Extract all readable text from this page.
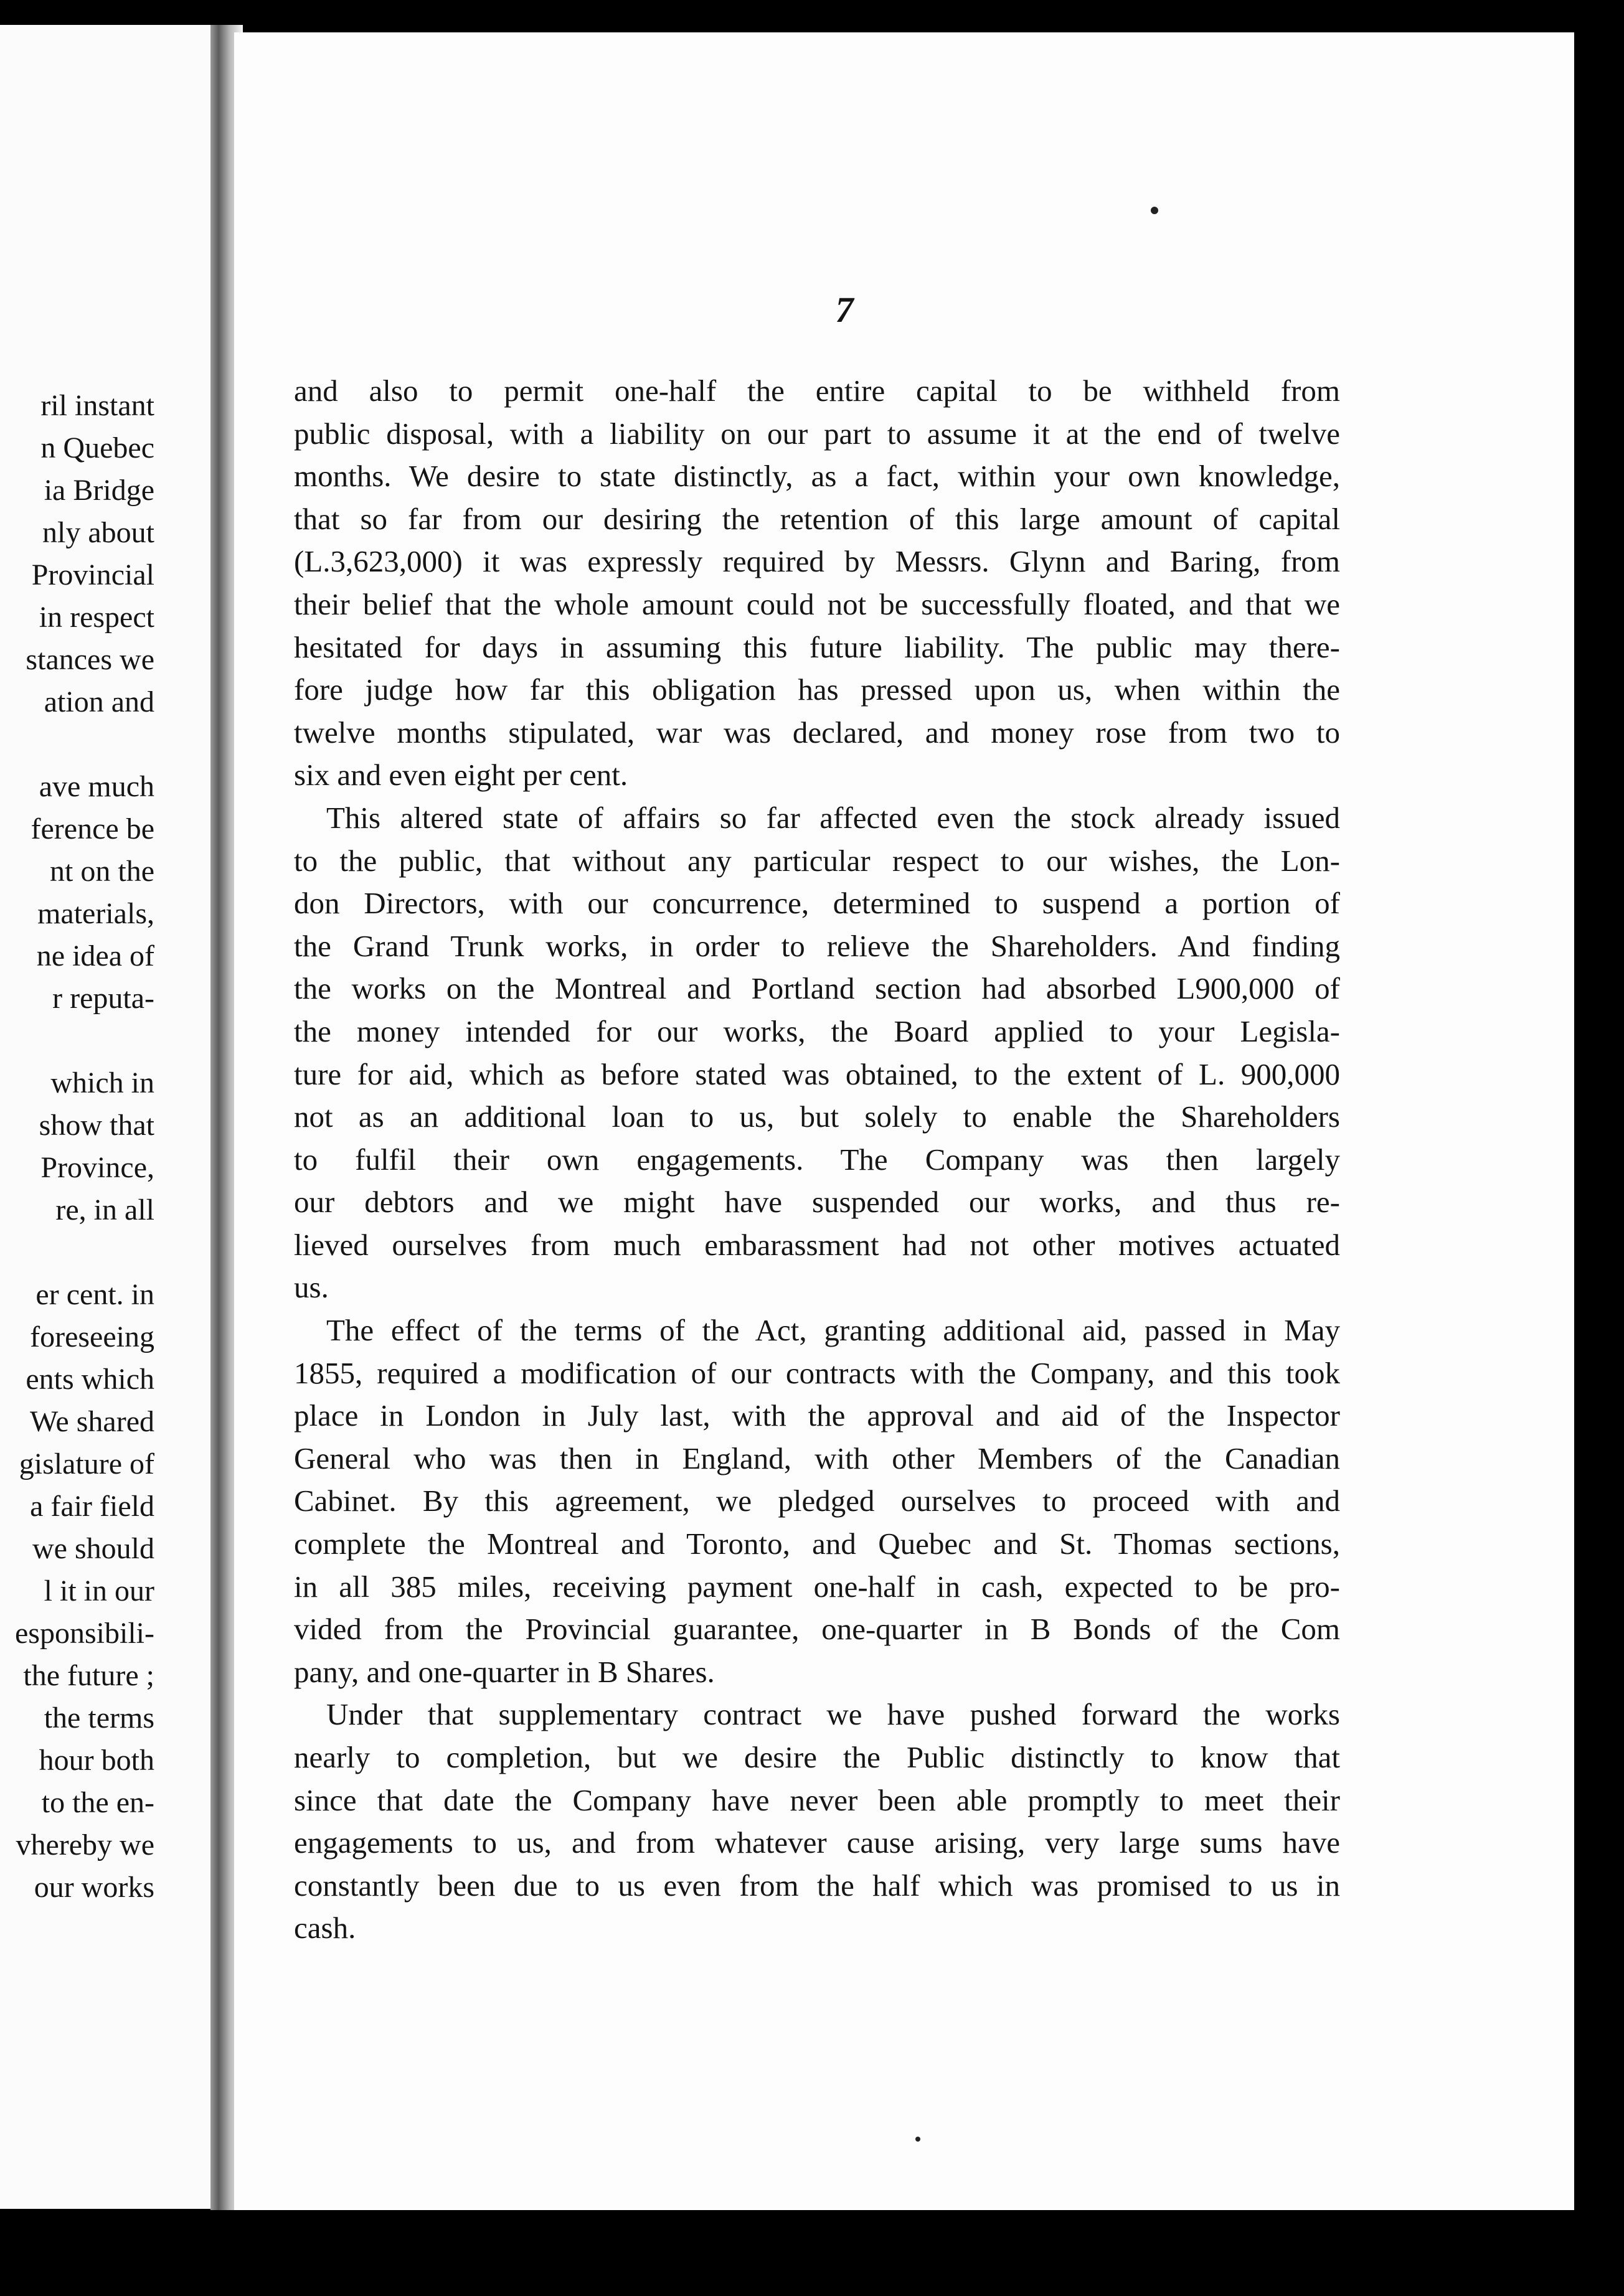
ril instant
n Quebec
ia Bridge
nly about
Provincial
in respect
stances we
ation and
ave much
ference be
nt on the
materials,
ne idea of
r reputa-
which in
show that
Province,
re, in all
er cent. in
foreseeing
ents which
We shared
gislature of
a fair field
we should
l it in our
esponsibili-
the future ;
the terms
hour both
to the en-
vhereby we
our works
7
and also to permit one-half the entire capital to be withheld from
public disposal, with a liability on our part to assume it at the end of twelve
months. We desire to state distinctly, as a fact, within your own knowledge,
that so far from our desiring the retention of this large amount of capital
(L.3,623,000) it was expressly required by Messrs. Glynn and Baring, from
their belief that the whole amount could not be successfully floated, and that we
hesitated for days in assuming this future liability. The public may there-
fore judge how far this obligation has pressed upon us, when within the
twelve months stipulated, war was declared, and money rose from two to
six and even eight per cent.
This altered state of affairs so far affected even the stock already issued
to the public, that without any particular respect to our wishes, the Lon-
don Directors, with our concurrence, determined to suspend a portion of
the Grand Trunk works, in order to relieve the Shareholders. And finding
the works on the Montreal and Portland section had absorbed L900,000 of
the money intended for our works, the Board applied to your Legisla-
ture for aid, which as before stated was obtained, to the extent of L. 900,000
not as an additional loan to us, but solely to enable the Shareholders
to fulfil their own engagements. The Company was then largely
our debtors and we might have suspended our works, and thus re-
lieved ourselves from much embarassment had not other motives actuated
us.
The effect of the terms of the Act, granting additional aid, passed in May
1855, required a modification of our contracts with the Company, and this took
place in London in July last, with the approval and aid of the Inspector
General who was then in England, with other Members of the Canadian
Cabinet. By this agreement, we pledged ourselves to proceed with and
complete the Montreal and Toronto, and Quebec and St. Thomas sections,
in all 385 miles, receiving payment one-half in cash, expected to be pro-
vided from the Provincial guarantee, one-quarter in B Bonds of the Com
pany, and one-quarter in B Shares.
Under that supplementary contract we have pushed forward the works
nearly to completion, but we desire the Public distinctly to know that
since that date the Company have never been able promptly to meet their
engagements to us, and from whatever cause arising, very large sums have
constantly been due to us even from the half which was promised to us in
cash.
